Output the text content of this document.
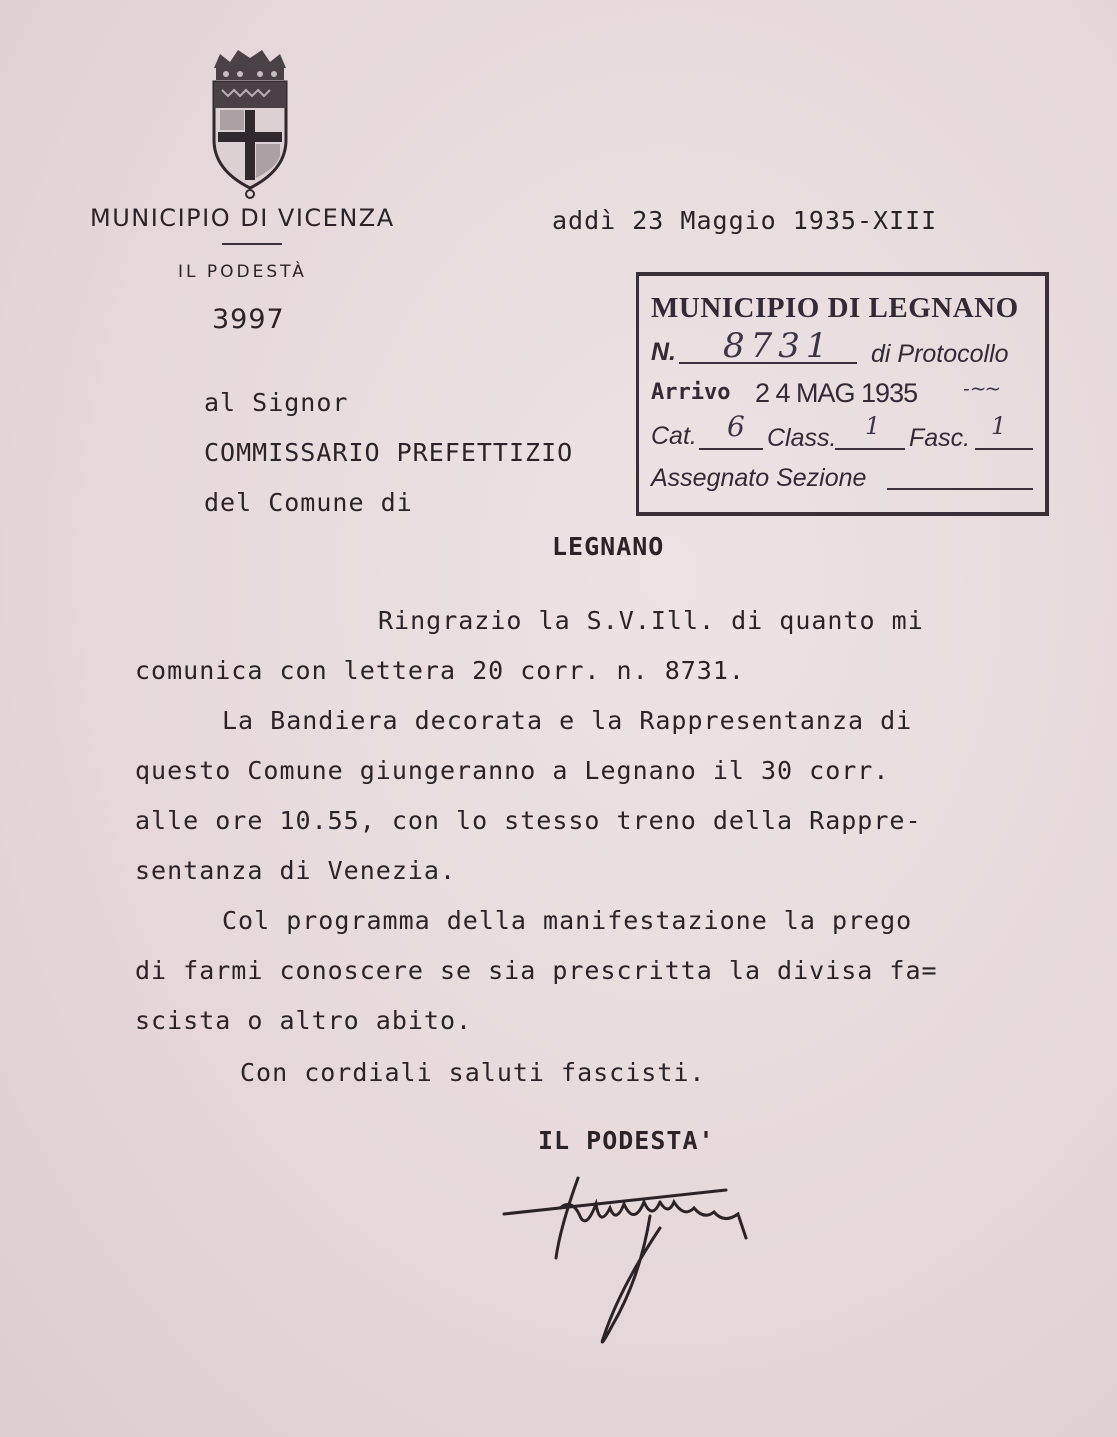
MUNICIPIO DI VICENZA
IL PODESTÀ
3997
addì 23 Maggio 1935-XIII
MUNICIPIO DI LEGNANO
N. 8731 di Protocollo
Arrivo 2 4 MAG 1935 -~~
Cat. 6 Class. 1 Fasc. 1
Assegnato Sezione
al Signor
COMMISSARIO PREFETTIZIO
del Comune di
LEGNANO
Ringrazio la S.V.Ill. di quanto mi
comunica con lettera 20 corr. n. 8731.
La Bandiera decorata e la Rappresentanza di
questo Comune giungeranno a Legnano il 30 corr.
alle ore 10.55, con lo stesso treno della Rappre-
sentanza di Venezia.
Col programma della manifestazione la prego
di farmi conoscere se sia prescritta la divisa fa=
scista o altro abito.
Con cordiali saluti fascisti.
IL PODESTA'
